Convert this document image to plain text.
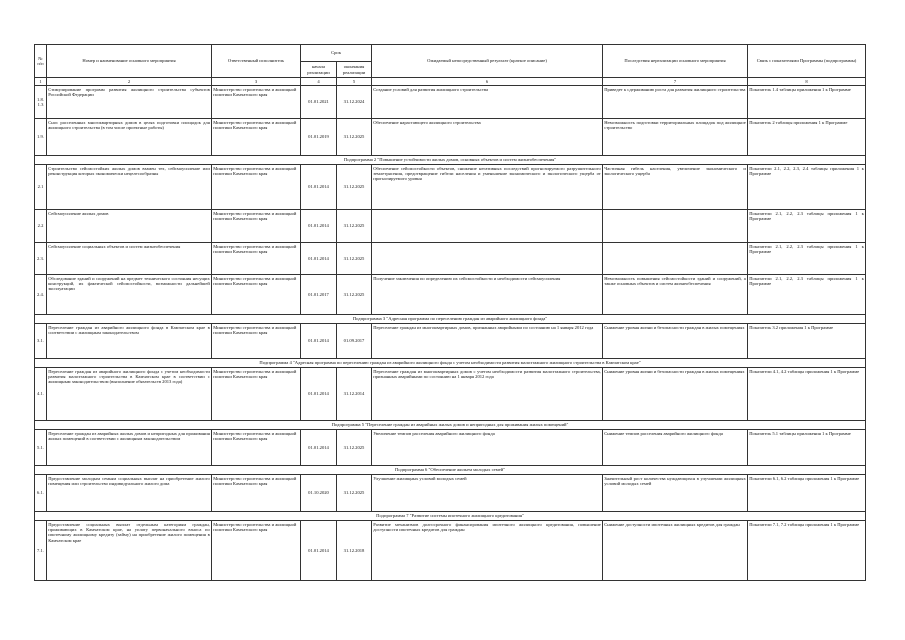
№ п/п	Номер и наименование основного мероприятия	Ответственный исполнитель	Срок		Ожидаемый непосредственный результат (краткое описание)	Последствия нереализации основного мероприятия	Связь с показателями Программы (подпрограммы)
			начала реализации	окончания реализации			
1	2	3	4	5	6	7	8
1.8.1.3	Стимулирование программ развития жилищного строительства субъектов Российской Федерации	Министерство строительства и жилищной политики Камчатского края	01.01.2021	31.12.2024	Создание условий для развития жилищного строительства	Приведет к сдерживанию роста для развития жилищного строительства	Показатель 1.4 таблицы приложения 1 к Программе
1.9.	Снос расселенных многоквартирных домов в целях подготовки площадок для жилищного строительства (в том числе проектные работы)	Министерство строительства и жилищной политики Камчатского края	01.01.2019	31.12.2025	Обеспечение нарастающего жилищного строительства	Невозможность подготовки территориальных площадок под жилищное строительство	Показатель 2 таблицы приложения 1 к Программе
Подпрограмма 2 "Повышение устойчивости жилых домов, основных объектов и систем жизнеобеспечения"							
2.1	Строительство сейсмостойких жилых домов взамен тех, сейсмоусиление или реконструкция которых экономически нецелесообразны	Министерство строительства и жилищной политики Камчатского края	01.01.2014	31.12.2025	Обеспечение сейсмостойкости объектов, снижение негативных последствий прогнозируемого разрушительного землетрясения, предотвращение гибели населения и уменьшение экономического и экологического ущерба от прогнозируемого уровня	Частичная гибель населения, увеличение экономического и экологического ущерба	Показатели 2.1, 2.2, 2.3, 2.4 таблицы приложения 1 к Программе
2.2	Сейсмоусиление жилых домов	Министерство строительства и жилищной политики Камчатского края	01.01.2014	31.12.2025			Показатели 2.1, 2.2, 2.3 таблицы приложения 1 к Программе
2.3.	Сейсмоусиление социальных объектов и систем жизнеобеспечения	Министерство строительства и жилищной политики Камчатского края	01.01.2014	31.12.2025			Показатели 2.1, 2.2, 2.3 таблицы приложения 1 к Программе
2.4.	Обследование зданий и сооружений на предмет технического состояния несущих конструкций, их фактической сейсмостойкости, возможности дальнейшей эксплуатации	Министерство строительства и жилищной политики Камчатского края	01.01.2017	31.12.2025	Получение заключения по определению их сейсмостойкости и необходимости сейсмоусиления	Невозможность повышения сейсмостойкости зданий и сооружений, а также основных объектов и систем жизнеобеспечения	Показатели 2.1, 2.2, 2.3 таблицы приложения 1 к Программе
Подпрограмма 3 "Адресная программа по переселению граждан из аварийного жилищного фонда"							
3.1.	Переселение граждан из аварийного жилищного фонда в Камчатском крае в соответствии с жилищным законодательством	Министерство строительства и жилищной политики Камчатского края	01.01.2014	01.09.2017	Переселение граждан из многоквартирных домов, признанных аварийными по состоянию на 1 января 2012 года	Снижение уровня жизни и безопасности граждан в жилых помещениях	Показатель 3.2 приложения 1 к Программе
Подпрограмма 4 "Адресная программа по переселению граждан из аварийного жилищного фонда с учетом необходимости развития малоэтажного жилищного строительства в Камчатском крае"							
4.1.	Переселение граждан из аварийного жилищного фонда с учетом необходимости развития малоэтажного строительства в Камчатском крае в соответствии с жилищным законодательством (выполнение обязательств 2013 года)	Министерство строительства и жилищной политики Камчатского края	01.01.2014	31.12.2014	Переселение граждан из многоквартирных домов с учетом необходимости развития малоэтажного строительства, признанных аварийными по состоянию на 1 января 2012 года	Снижение уровня жизни и безопасности граждан в жилых помещениях	Показатели 4.1, 4.2 таблицы приложения 1 к Программе
Подпрограмма 5 "Переселение граждан из аварийных жилых домов и непригодных для проживания жилых помещений"							
5.1.	Переселение граждан из аварийных жилых домов и непригодных для проживания жилых помещений в соответствии с жилищным законодательством	Министерство строительства и жилищной политики Камчатского края	01.01.2014	31.12.2025	Увеличение темпов расселения аварийного жилищного фонда	Снижение темпов расселения аварийного жилищного фонда	Показатель 5.1 таблицы приложения 1 к Программе
Подпрограмма 6 "Обеспечение жильем молодых семей"							
6.1.	Предоставление молодым семьям социальных выплат на приобретение жилого помещения или строительство индивидуального жилого дома	Министерство строительства и жилищной политики Камчатского края	01.10.2020	31.12.2025	Улучшение жилищных условий молодых семей	Значительный рост количества нуждающихся в улучшении жилищных условий молодых семей	Показатели 6.1, 6.2 таблицы приложения 1 к Программе
Подпрограмма 7 "Развитие системы ипотечного жилищного кредитования"							
7.1.	Предоставление социальных выплат отдельным категориям граждан, проживающих в Камчатском крае, на уплату первоначального взноса по ипотечному жилищному кредиту (займу) на приобретение жилого помещения в Камчатском крае	Министерство строительства и жилищной политики Камчатского края	01.01.2014	31.12.2018	Развитие механизмов долгосрочного финансирования ипотечного жилищного кредитования, повышение доступности ипотечных кредитов для граждан	Снижение доступности ипотечных жилищных кредитов для граждан	Показатели 7.1, 7.2 таблицы приложения 1 к Программе
